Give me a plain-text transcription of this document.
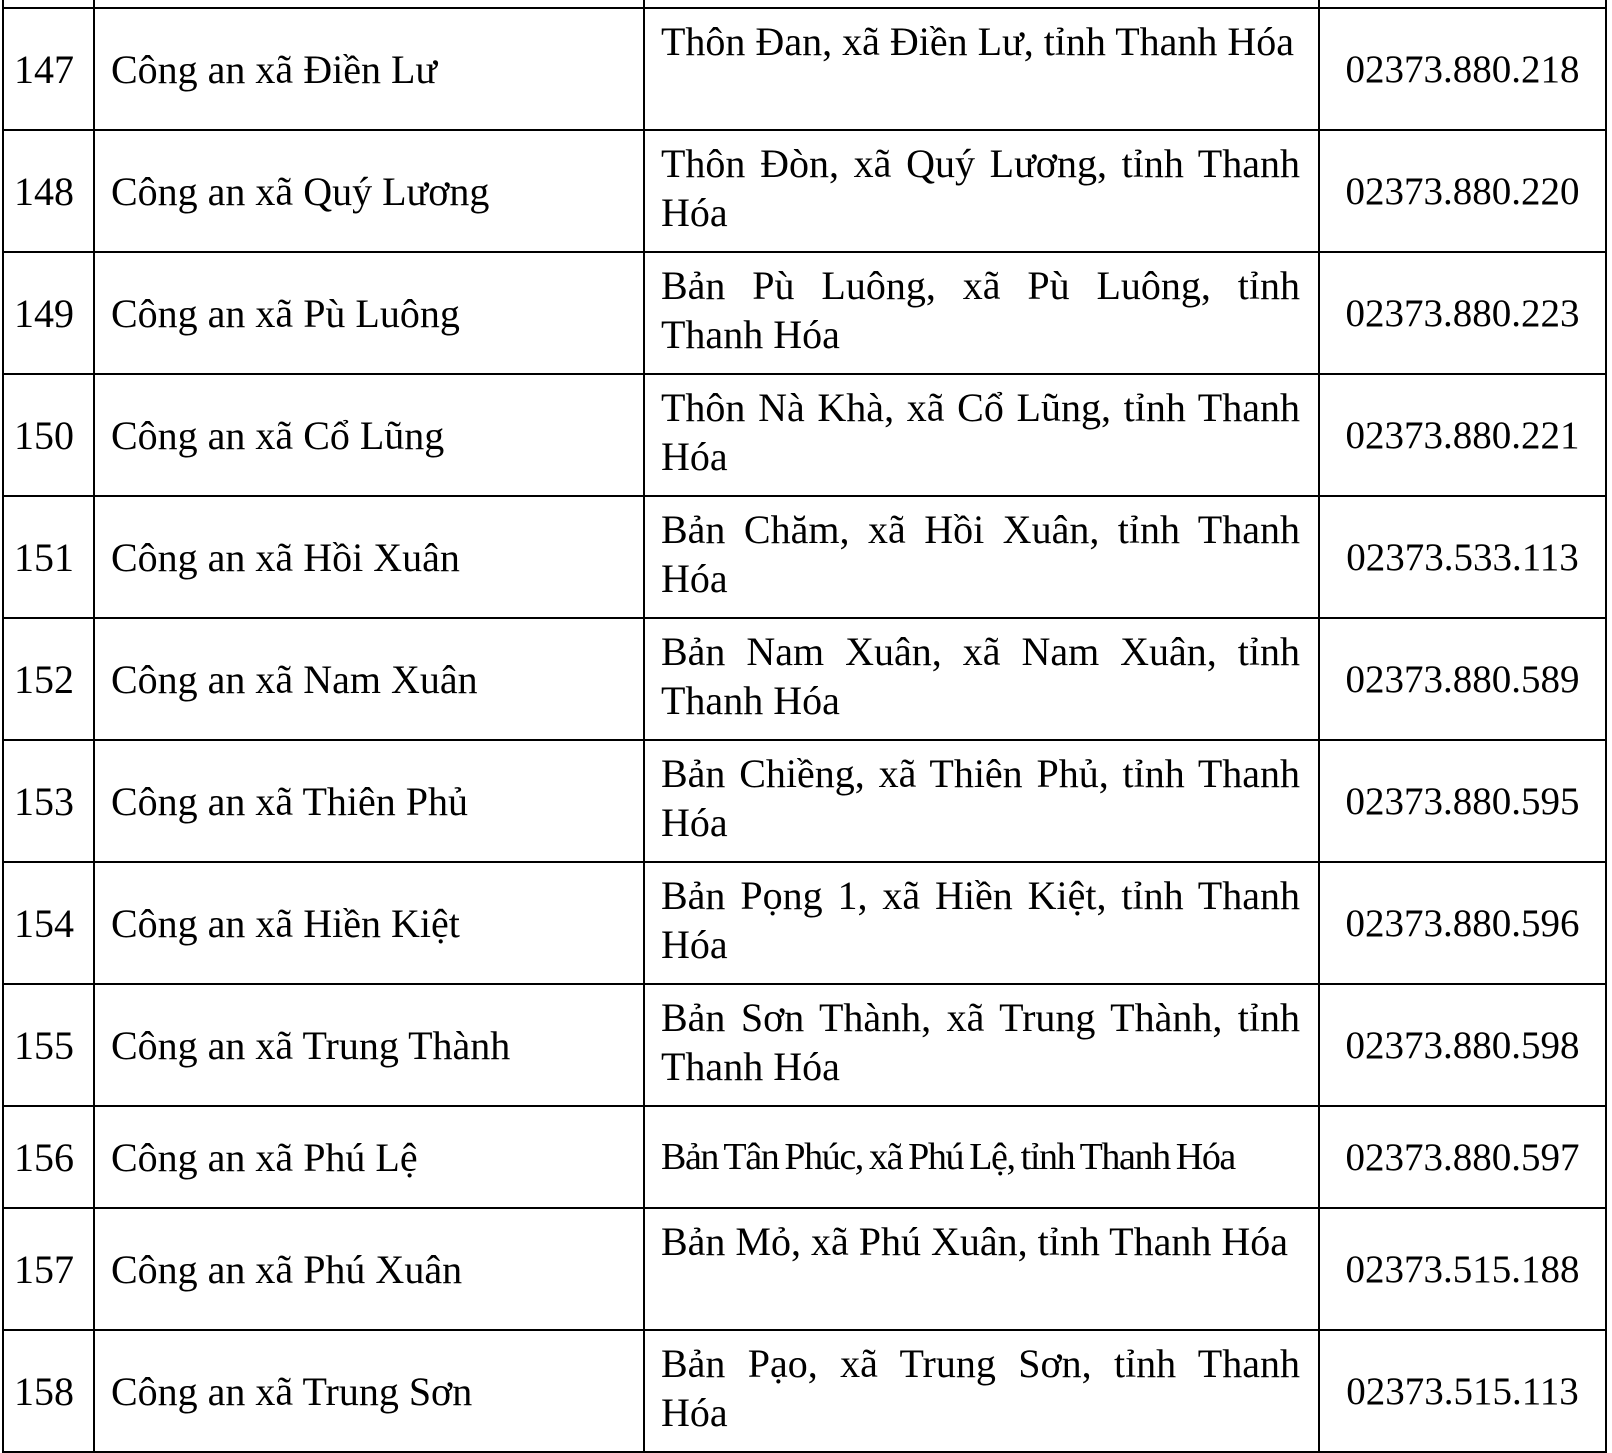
147	Công an xã Điền Lư	Thôn Đan, xã Điền Lư, tỉnh Thanh Hóa	02373.880.218
148	Công an xã Quý Lương	Thôn Đòn, xã Quý Lương, tỉnh Thanh Hóa	02373.880.220
149	Công an xã Pù Luông	Bản Pù Luông, xã Pù Luông, tỉnh Thanh Hóa	02373.880.223
150	Công an xã Cổ Lũng	Thôn Nà Khà, xã Cổ Lũng, tỉnh Thanh Hóa	02373.880.221
151	Công an xã Hồi Xuân	Bản Chăm, xã Hồi Xuân, tỉnh Thanh Hóa	02373.533.113
152	Công an xã Nam Xuân	Bản Nam Xuân, xã Nam Xuân, tỉnh Thanh Hóa	02373.880.589
153	Công an xã Thiên Phủ	Bản Chiềng, xã Thiên Phủ, tỉnh Thanh Hóa	02373.880.595
154	Công an xã Hiền Kiệt	Bản Pọng 1, xã Hiền Kiệt, tỉnh Thanh Hóa	02373.880.596
155	Công an xã Trung Thành	Bản Sơn Thành, xã Trung Thành, tỉnh Thanh Hóa	02373.880.598
156	Công an xã Phú Lệ	Bản Tân Phúc, xã Phú Lệ, tỉnh Thanh Hóa	02373.880.597
157	Công an xã Phú Xuân	Bản Mỏ, xã Phú Xuân, tỉnh Thanh Hóa	02373.515.188
158	Công an xã Trung Sơn	Bản Pạo, xã Trung Sơn, tỉnh Thanh Hóa	02373.515.113
